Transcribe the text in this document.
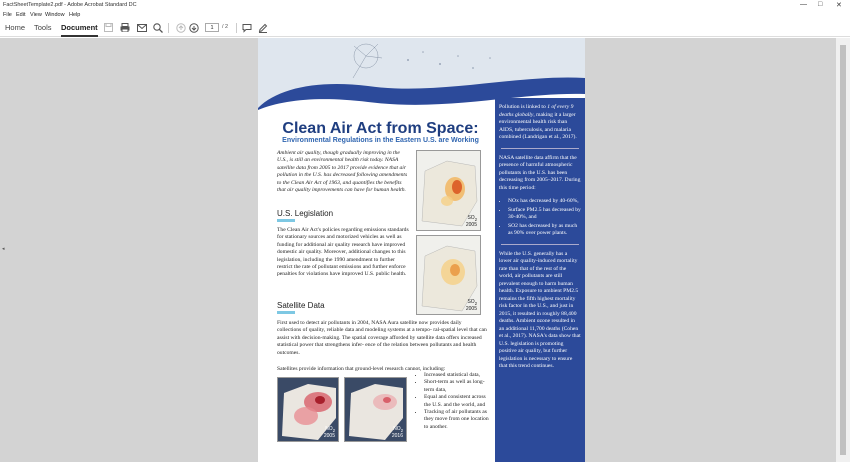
FactSheetTemplate2.pdf - Adobe Acrobat Standard DC	— □ ✕
File Edit View Window Help
Home Tools Document	1	/ 2
◂
Clean Air Act from Space:
Environmental Regulations in the Eastern U.S. are Working
Ambient air quality, though gradually improving in the U.S., is still an environmental health risk today. NASA satellite data from 2005 to 2017 provide evidence that air pollution in the U.S. has decreased following amendments to the Clean Air Act of 1963, and quantifies the benefits that air quality improvements can have for human health.
U.S. Legislation
The Clean Air Act's policies regarding emissions standards for stationary sources and motorized vehicles as well as funding for additional air quality research have improved domestic air quality. Moreover, additional changes to this legislation, including the 1990 amendment to further restrict the rate of pollutant emissions and further enforce penalties for violations have improved U.S. public health.
Satellite Data
First used to detect air pollutants in 2004, NASA Aura satellite now provides daily collections of quality, reliable data and modeling systems at a tempo- ral-spatial level that can assist with decision-making. The spatial coverage afforded by satellite data offers increased statistical power that strengthens infer- ence of the relation between pollutants and health outcomes.
Satellites provide information that ground-level research cannot, including:
• Increased statistical data,
• Short-term as well as long-term data,
• Equal and consistent across the U.S. and the world, and
• Tracking of air pollutants as they move from one location to another.
$SO_2$
2005
$SO_2$
2005
$NO_2$
2005
$NO_2$
2016

Pollution is linked to 1 of every 9 deaths globally, making it a larger environmental health risk than AIDS, tuberculosis, and malaria combined (Landrigan et al., 2017).

NASA satellite data affirm that the presence of harmful atmospheric pollutants in the U.S. has been decreasing from 2005–2017. During this time period:

• NOx has decreased by 40-60%,
• Surface PM2.5 has decreased by 30-40%, and
• SO2 has decreased by as much as 90% over power plants.

While the U.S. generally has a lower air quality-induced mortality rate than that of the rest of the world, air pollutants are still prevalent enough to harm human health. Exposure to ambient PM2.5 remains the fifth highest mortality risk factor in the U.S., and just in 2015, it resulted in roughly 88,400 deaths. Ambient ozone resulted in an additional 11,700 deaths (Cohen et al., 2017). NASA's data show that U.S. legislation is promoting positive air quality, but further legislation is necessary to ensure that this trend continues.
